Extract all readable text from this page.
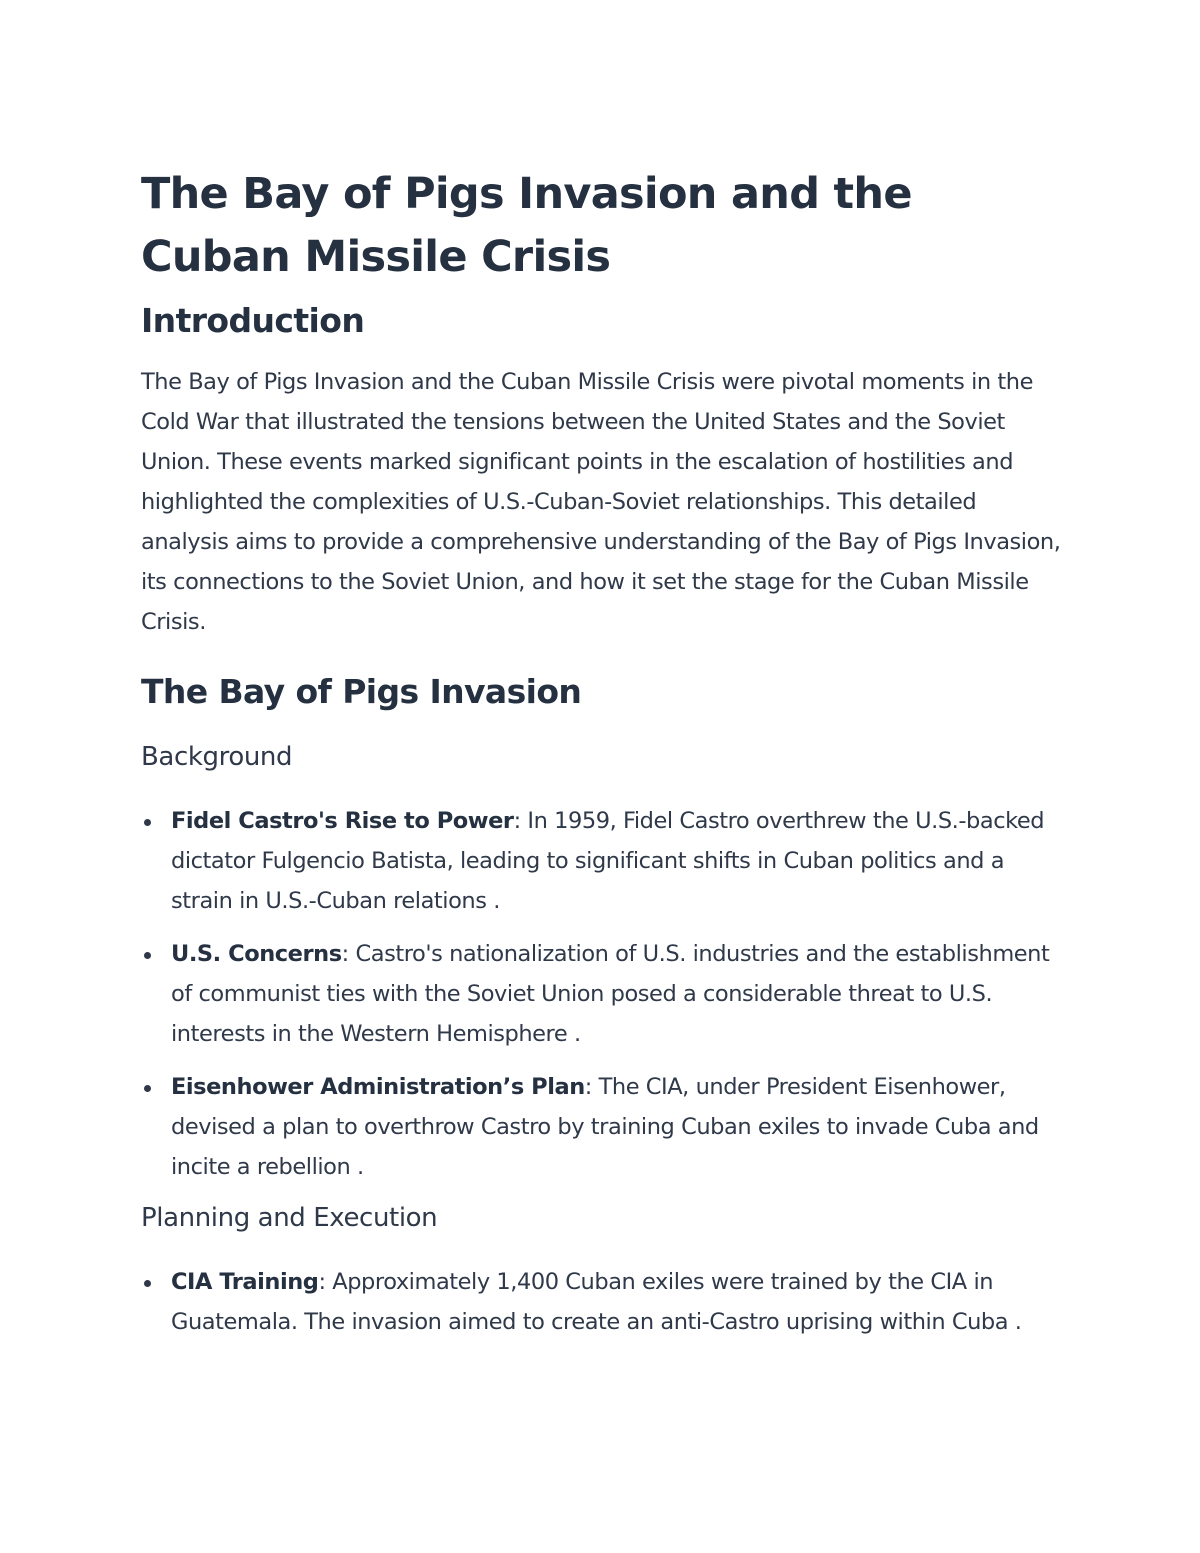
The Bay of Pigs Invasion and the Cuban Missile Crisis
Introduction

The Bay of Pigs Invasion and the Cuban Missile Crisis were pivotal moments in the Cold War that illustrated the tensions between the United States and the Soviet Union. These events marked significant points in the escalation of hostilities and highlighted the complexities of U.S.-Cuban-Soviet relationships. This detailed analysis aims to provide a comprehensive understanding of the Bay of Pigs Invasion, its connections to the Soviet Union, and how it set the stage for the Cuban Missile Crisis.

The Bay of Pigs Invasion
Background
Fidel Castro's Rise to Power: In 1959, Fidel Castro overthrew the U.S.-backed dictator Fulgencio Batista, leading to significant shifts in Cuban politics and a strain in U.S.-Cuban relations .
U.S. Concerns: Castro's nationalization of U.S. industries and the establishment of communist ties with the Soviet Union posed a considerable threat to U.S. interests in the Western Hemisphere .
Eisenhower Administration’s Plan: The CIA, under President Eisenhower, devised a plan to overthrow Castro by training Cuban exiles to invade Cuba and incite a rebellion .
Planning and Execution
CIA Training: Approximately 1,400 Cuban exiles were trained by the CIA in Guatemala. The invasion aimed to create an anti-Castro uprising within Cuba .
